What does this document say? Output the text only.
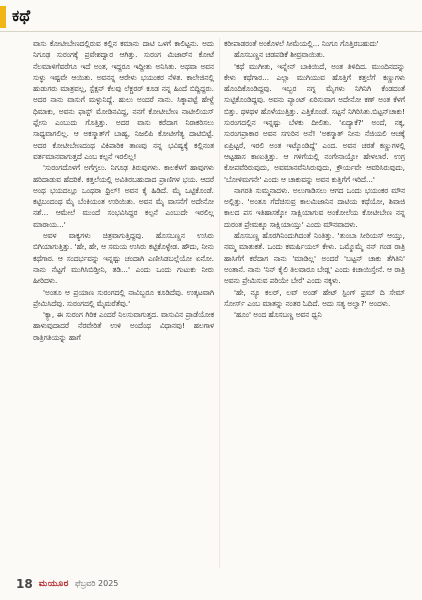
ಕಥೆ

ವಾಸು ಕೋಟೀಬೇಣದಲ್ಲಿರುವ ಕಲ್ಲಿನ ಕಮಾನು ದಾಟಿ ಒಳಗೆ ಕಾಲಿಟ್ಟನು. ಅದು ನಿಗೂಢ ಸುರಂಗಕ್ಕೆ ಪ್ರವೇಶದ್ವಾರ ಆಗಿತ್ತು. ಸುರಂಗ ಮಿಜಾರ್‌ನ ಕೋಟೆ ನೆಲಮಾಳಿಗೆವರೆಗೂ ಇದೆ ಅಂತ, ಇದ್ದರೂ ಇದ್ದೀತು ಅನಿಸಿತು. ಅಥವಾ ಅವನ ಸುಳ್ಳು ಇಷ್ಟವೇ ಆಯಿತು. ಅವನನ್ನ ಆರೇಳು ಭಯಂಕರ ನೆಳಿತ. ಕಾಲೇಜಿನಲ್ಲಿ ಹುಡುಗರು ಮಾತ್ರವಲ್ಲ, ಸ್ಟೆಕ್ಷನ್ ಕೆಲವು ಲೆಕ್ಚರರ್ ಕೂಡ ನನ್ನ ಹಿಂದೆ ಬಿದ್ದಿದ್ದರು. ಅದರ ನಾನು ವಾಸುಗೆ ಮಳ್ಳುನಿದ್ದೆ. ಹುಲು ಅಂದರೆ ನಾನು. ಸಿಕ್ಕಾಪಟ್ಟೆ ಹೇಳ್ದೆ ಧಿಮಾಕು, ಅವನು ಫಾಸ್ಟ್ ಮೋಡಿನವಿದ್ದ, ನನಗೆ ಕೋಟೀಬೇಣ ನಾಟೀಲಿಯಸ್ ಫ್ಲೇಸು ಎಂಬುದು ಗೊತ್ತಿತ್ತು. ಅದರ ವಾಸು ಕರೆದಾಗ ನಿರಾಕರಿಸಲು ಸಾಧ್ಯವಾಗಲಿಲ್ಲ. ಆ ಅಕಸ್ಮಾತ್‌ಗೆ ಬಾಹ್ಯ, ನಿಜಲಿಪಿ ಕೋಟೀಗೆತ್ಯ ದಾಟಿಬಿಟ್ಟೆ. ಅದರ ಕೋಟೀಬೇಣದಂಥ ವಿಕಿಪಾರಿಕ ತಾಣವು ನನ್ನ ಭವಿಷ್ಯಕ್ಕೆ ಕಲ್ಲಿನಂತ ವರ್ತಮಾನವಾಗುತ್ತದೆ ಎಂಬ ಕಲ್ಪನೆ ಇರಲಿಲ್ಲ!

'ಸುರಂಗದೊಳಗೆ ಅಗೆಗ್ತಲು. ನಿಗೂಢ ತಿರುವುಗಳು. ಕಾಲಕೆಳಗೆ ಹಾವುಗಳು ಹರಿದಾಡುವ ಹೆದರಿಕೆ. ಕತ್ತಲೆಯಲ್ಲಿ ಅವಿತಿರಬಹುದಾದ ಪ್ರಾಣಿಗಳ ಭಯ. ಆದರೆ ಅಂಥ ಭಯದಲ್ಲೂ ಒಂಥರಾ ಥ್ರಿಲ್! ಅವನ ಕೈ ಹಿಡಿದೆ. ಮೈ ಒಟ್ಟಿಕೊಂಡೆ. ಕಟ್ಟಿಬಂದಂಥ ಮೈ ಬೆಂಕಿಯಂತ ಉರಿಯಿತು. ಅವನ ಮೈ ವಾಸನೆಗೆ ಅದೇನೋ ನಶೆ... ಆಮೇಲೆ ಮುಂದೆ ಸಂಭವಿಸಿದ್ದರ ಕಲ್ಪನೆ ಎಂಬುದೇ ಇರಲಿಲ್ಲ ಮಾರಾಯ...'

ಅವಳ ವಾಕ್ಯಗಳು ಚಿತ್ರವಾಗುತ್ತಿದ್ದವು. ಹೊಸಬಣ್ಣನ ಉಸಿರು ಬಿಗಿಯಾಗುತ್ತಿತ್ತು. 'ಹೇ, ಹೇ, ಆ ಸಮಯ ಉಸಿರು ಕಟ್ಟಿಕೊಳ್ಳೇಡ. ಹೌದು, ನೀನು ಕಥೆಗಾರ. ಆ ಸಂದರ್ಭವನ್ನು ಇನ್ನಷ್ಟು ಚಂದಾಗಿ ಎಣೀಸಿಡಬಲ್ಲೆಯೋ ಏನೋ. ನಾನು ನೆಟ್ಟಗೆ ಮುಗಿಸಿಬಿಡ್ತೀನಿ, ತಡಿ...' ಎಂದು ಒಂದು ಗುಟುಕು ನೀರು ಹೀರಿದಳು.

'ಅಂತೂ ಆ ಪ್ರಯಾಣ ಸುರಂಗದಲ್ಲಿ ನಾವಿಬ್ಬರೂ ಕೂಡಿದೆವು. ಉತ್ಕಟವಾಗಿ ಪ್ರೇಮಿಸಿದೆವು. ಸುರಂಗದಲ್ಲಿ ಮೈಮರೆತೆವು.'

'ಕ್ಯಾ, ಈ ಸುರಂಗ ಗಿರಿಕ ಎಂದರೆ ನಿಲಸುವಾಗುತ್ತದ. ವಾಸುವಿನ ಪ್ರಾಡೆಯೋಕ ಹಾಳುವುದಾದರೆ ನೆರವೇರಿತೆ ಉಳಿ ಅಂದೆಂಥ ವಿಧಾನವು! ಹಲಗಾಳ ರಾತ್ರಿಗತಿಯನ್ನು ಹಾಗೆ

ಕರೀಪಾಡರಂತೆ ಅಂಕೊಳಲೆ ಸೀಮೆಯಲ್ಲಿ... ನಿಂಗೂ ಗೊತ್ತಿರಬಹುದು'

ಹೊಸಬಣ್ಣನ ಚಡಪಡಿಕೆ ಶೀವ್ರವಾಯಿತು.

'ಕಥೆ ಮುಗೀತು, ಇನ್ನೇನ್ ಬಾಕಿಯಿದೆ, ಅಂತ ತಿಳಿದಿದ. ಮುಂದಿನದನ್ನು ಕೇಳು ಕಥೆಗಾರ... ಎಲ್ಲಾ ಮುಗಿಯುವ ಹೊತ್ತಿಗೆ ಕತ್ತಲೆಗೆ ಕಣ್ಣುಗಳು ಹೊಂದಿಕೊಂಡಿದ್ದವು. ಇಬ್ಬರ ನಗ್ನ ಮೈಗಳು ನಿಗಿನಿಗಿ ಕೆಂಡದಂತೆ ಸುಟ್ಟಿಕೊಂಡಿದ್ದವು. ಅವನು ಪ್ಯಾಂಟ್ ಏರಿಸುವಾಗ ಅದೇನೋ ಕಣ್ ಅಂತ ಕೆಳಗೆ ಬಿತ್ತು. ಥಳಥಳ ಹೊಳೆಯುತ್ತಿತ್ತು. ಎತ್ತಿಕೊಂಡೆ. ಸಟ್ಟನೆ ನಿಗಿರಿಸಿತು.ಬಿಟ್ಟನ್‌ಚಾಕು! ಸುರಂಗದಲ್ಲಿನ ಇನ್ನಷ್ಟು ಬೆಳಕು ದೀಲಿತು. 'ಏದ್ಯಾಕೆ?' ಅಂದೆ, ನಕ್ಕ, ಸುರಂಗಪ್ರಾಕಾರ ಅವನ ಸಗುರಿನ ಅನೆ! 'ಅಕಸ್ಮಾತ್ ನೀನು ನೆಜಿಯಲಿ ಆಚಕ್ಕೆ ಏಪ್ರಿಟ್ಟರೆ, ಇರಲಿ ಅಂತ ಇಟ್ಕೊಂಡಿದ್ದೆ' ಎಂದ. ಅವನ ಚರತೆ ಕಣ್ಣುಗಳಲ್ಲಿ ಆಟ್ಟಹಾಸ ಕಾಣುತ್ತಿತ್ತು. ಆ ಗಳಿಗೆಯಲ್ಲಿ ನಂಗೇನಾಯ್ತೋ ಹೇಳಲಾರೆ. ಉಗ್ರ ಕೋಪವೆರಿರುವುದು, ಅವಮಾನವೆನಿಸಿರುವುದು, ಕ್ರೌರ್ಯವೇ ಆವರಿಸಿರುವುದು, 'ಬೋಳಿಮಗನೇ' ಎಂದು ಆ ಚಾಕುವನ್ನು ಅವನ ಕುತ್ತಿಗೆಗೆ ಇರಿದೆ...'

ನಾಗರತಿ ಸುಮ್ಮನಾದಳು. ಅಲುಗಾಡಿಸಲು ಆಗದ ಒಂದು ಭಯಂಕರ ಮೌನ ಅಲ್ಲಿತ್ತು. 'ಅಂತೂ ಗೆದೆಚಿಸುವ್ರ ಕಾಲಮಿಜಾನಿನ ದಾಟಿಯ ಕಥೆಯೋ, ಶಿವಾಜಿ ಕಾಲದ ಪಸ ಇತಿಹಾಸಕ್ಕೋ ಸಾಕ್ಷಿಯಾಗುವ ಅಂಕೋಲೆಯ ಕೋಟೀಬೇಣ ನನ್ನ ದುರಂತ ಪ್ರೇಮಕ್ಕೂ ಸಾಕ್ಷಿಯಾಯ್ತು' ಎಂದು ಮೌನವಾದಳು.

ಹೊಸಬಣ್ಣ ಹೊರಗಿನಿಂದುಗಿದಂತೆ ನಿಂತಿತ್ತು. 'ತುಂಬಾ ಸೀರಿಯಸ್ ಆಯ್ತು, ನಮ್ಮ ಮಾತುಕತೆ. ಒಂದು ಕಮರ್ಷಿಯಲ್ ಕೇಳು. ಒಮ್ಮೊಮ್ಮೆ ನನ್ ಗಂಡ ರಾತ್ರಿ ಹಾಸಿಗೆಗೆ ಕರೆದಾಗ ನಾನು 'ಮಾಡಿಲ್ಲ' ಅಂದರೆ 'ಬಟ್ಟನ್ ಚಾಕು ತೆಗಿತಿನಿ' ಅಂತಾನೆ. ನಾನು 'ನಿನ್ ಕೈಲಿ ತಿಲವಾರೂ ಬೇಡ್ಲ' ಎಂದು ಕಿಚಾಯಿಸ್ತೇನೆ. ಆ ರಾತ್ರಿ ಅವನು ಪ್ರೇಮಿಸುವ ಪರಿಯೇ ಬೇರೆ' ಎಂದು ನಕ್ಕಳು.

'ಹೇ, ನ್ಯೂ ಕಲರ್, ಲವ್ ಅಂಡ್ ಹೇಟ್ ಸ್ಟಿಂಗ್ ಫ್ರಮ್ ದಿ ಸೇಮ್ ಸೋರ್ಸ್ ಎಂಬ ಮಾತನ್ನು ನಂತರ ಓದಿದೆ. ಅದು ಸತ್ಯ ಅಲ್ವಾ?' ಅಂದಳು.

'ಹೂಂ' ಅಂದ ಹೊಸಬಣ್ಣ ಅವನ ಧ್ವನಿ

18 ಮಯೂರ ಫೆಬ್ರವರಿ 2025
